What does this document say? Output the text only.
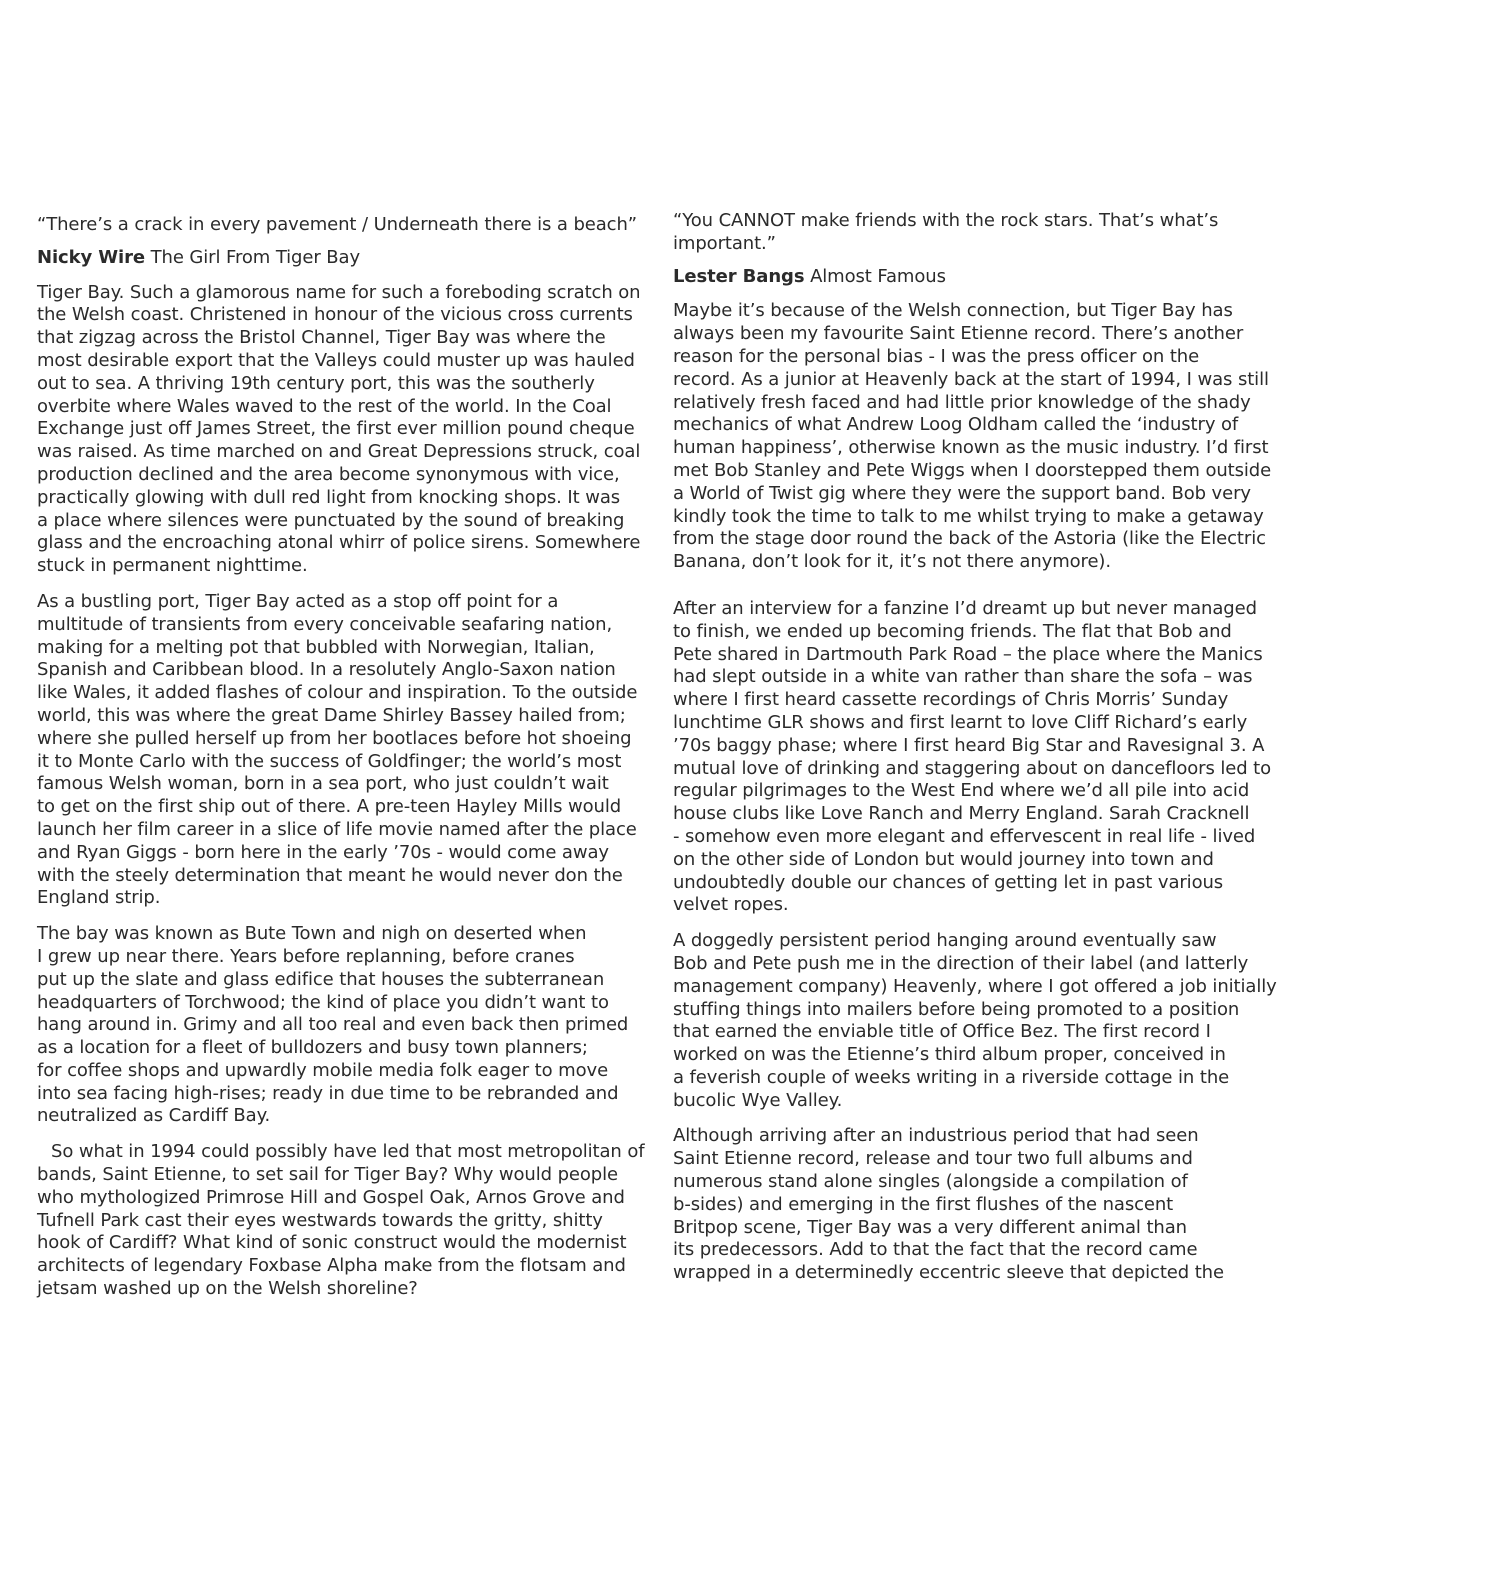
“There’s a crack in every pavement / Underneath there is a beach”

Nicky Wire The Girl From Tiger Bay

Tiger Bay. Such a glamorous name for such a foreboding scratch on
the Welsh coast. Christened in honour of the vicious cross currents
that zigzag across the Bristol Channel, Tiger Bay was where the
most desirable export that the Valleys could muster up was hauled
out to sea. A thriving 19th century port, this was the southerly
overbite where Wales waved to the rest of the world. In the Coal
Exchange just off James Street, the first ever million pound cheque
was raised. As time marched on and Great Depressions struck, coal
production declined and the area become synonymous with vice,
practically glowing with dull red light from knocking shops. It was
a place where silences were punctuated by the sound of breaking
glass and the encroaching atonal whirr of police sirens. Somewhere
stuck in permanent nighttime.

As a bustling port, Tiger Bay acted as a stop off point for a
multitude of transients from every conceivable seafaring nation,
making for a melting pot that bubbled with Norwegian, Italian,
Spanish and Caribbean blood. In a resolutely Anglo-Saxon nation
like Wales, it added flashes of colour and inspiration. To the outside
world, this was where the great Dame Shirley Bassey hailed from;
where she pulled herself up from her bootlaces before hot shoeing
it to Monte Carlo with the success of Goldfinger; the world’s most
famous Welsh woman, born in a sea port, who just couldn’t wait
to get on the first ship out of there. A pre-teen Hayley Mills would
launch her film career in a slice of life movie named after the place
and Ryan Giggs - born here in the early ’70s - would come away
with the steely determination that meant he would never don the
England strip.

The bay was known as Bute Town and nigh on deserted when
I grew up near there. Years before replanning, before cranes
put up the slate and glass edifice that houses the subterranean
headquarters of Torchwood; the kind of place you didn’t want to
hang around in. Grimy and all too real and even back then primed
as a location for a fleet of bulldozers and busy town planners;
for coffee shops and upwardly mobile media folk eager to move
into sea facing high-rises; ready in due time to be rebranded and
neutralized as Cardiff Bay.

So what in 1994 could possibly have led that most metropolitan of
bands, Saint Etienne, to set sail for Tiger Bay? Why would people
who mythologized Primrose Hill and Gospel Oak, Arnos Grove and
Tufnell Park cast their eyes westwards towards the gritty, shitty
hook of Cardiff? What kind of sonic construct would the modernist
architects of legendary Foxbase Alpha make from the flotsam and
jetsam washed up on the Welsh shoreline?

“You CANNOT make friends with the rock stars. That’s what’s
important.”

Lester Bangs Almost Famous

Maybe it’s because of the Welsh connection, but Tiger Bay has
always been my favourite Saint Etienne record. There’s another
reason for the personal bias - I was the press officer on the
record. As a junior at Heavenly back at the start of 1994, I was still
relatively fresh faced and had little prior knowledge of the shady
mechanics of what Andrew Loog Oldham called the ‘industry of
human happiness’, otherwise known as the music industry. I’d first
met Bob Stanley and Pete Wiggs when I doorstepped them outside
a World of Twist gig where they were the support band. Bob very
kindly took the time to talk to me whilst trying to make a getaway
from the stage door round the back of the Astoria (like the Electric
Banana, don’t look for it, it’s not there anymore).

After an interview for a fanzine I’d dreamt up but never managed
to finish, we ended up becoming friends. The flat that Bob and
Pete shared in Dartmouth Park Road – the place where the Manics
had slept outside in a white van rather than share the sofa – was
where I first heard cassette recordings of Chris Morris’ Sunday
lunchtime GLR shows and first learnt to love Cliff Richard’s early
’70s baggy phase; where I first heard Big Star and Ravesignal 3. A
mutual love of drinking and staggering about on dancefloors led to
regular pilgrimages to the West End where we’d all pile into acid
house clubs like Love Ranch and Merry England. Sarah Cracknell
- somehow even more elegant and effervescent in real life - lived
on the other side of London but would journey into town and
undoubtedly double our chances of getting let in past various
velvet ropes.

A doggedly persistent period hanging around eventually saw
Bob and Pete push me in the direction of their label (and latterly
management company) Heavenly, where I got offered a job initially
stuffing things into mailers before being promoted to a position
that earned the enviable title of Office Bez. The first record I
worked on was the Etienne’s third album proper, conceived in
a feverish couple of weeks writing in a riverside cottage in the
bucolic Wye Valley.

Although arriving after an industrious period that had seen
Saint Etienne record, release and tour two full albums and
numerous stand alone singles (alongside a compilation of
b-sides) and emerging in the first flushes of the nascent
Britpop scene, Tiger Bay was a very different animal than
its predecessors. Add to that the fact that the record came
wrapped in a determinedly eccentric sleeve that depicted the
